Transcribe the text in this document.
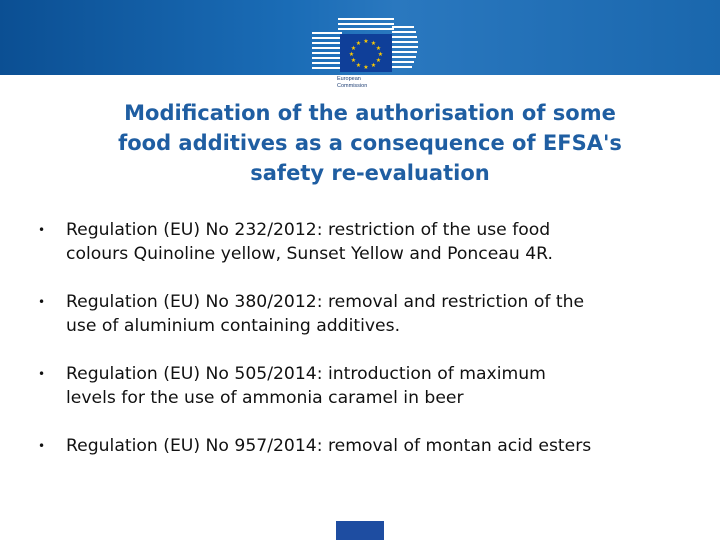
★ ★
★
★
★
★
★
★
★
★
★
★
European
Commission
Modification of the authorisation of some
food additives as a consequence of EFSA's
safety re-evaluation
• Regulation (EU) No 232/2012: restriction of the use food
colours Quinoline yellow, Sunset Yellow and Ponceau 4R.
• Regulation (EU) No 380/2012: removal and restriction of the
use of aluminium containing additives.
• Regulation (EU) No 505/2014: introduction of maximum
levels for the use of ammonia caramel in beer
• Regulation (EU) No 957/2014: removal of montan acid esters
